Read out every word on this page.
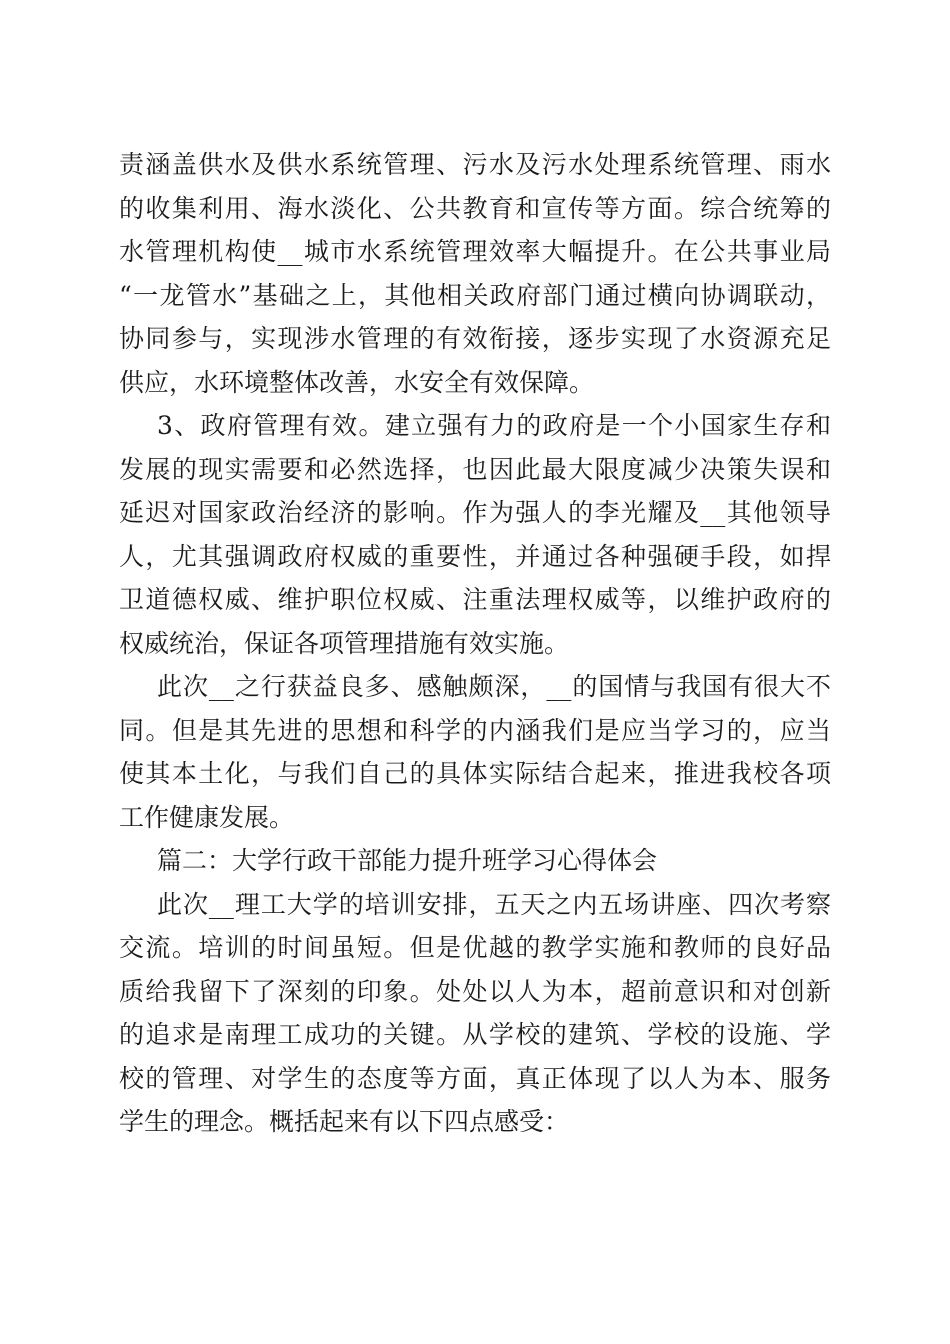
责涵盖供水及供水系统管理、污水及污水处理系统管理、雨水
的收集利用、海水淡化、公共教育和宣传等方面。综合统筹的
水管理机构使__城市水系统管理效率大幅提升。在公共事业局
“一龙管水”基础之上，其他相关政府部门通过横向协调联动，
协同参与，实现涉水管理的有效衔接，逐步实现了水资源充足
供应，水环境整体改善，水安全有效保障。
3、政府管理有效。建立强有力的政府是一个小国家生存和
发展的现实需要和必然选择，也因此最大限度减少决策失误和
延迟对国家政治经济的影响。作为强人的李光耀及__其他领导
人，尤其强调政府权威的重要性，并通过各种强硬手段，如捍
卫道德权威、维护职位权威、注重法理权威等，以维护政府的
权威统治，保证各项管理措施有效实施。
此次__之行获益良多、感触颇深，__的国情与我国有很大不
同。但是其先进的思想和科学的内涵我们是应当学习的，应当
使其本土化，与我们自己的具体实际结合起来，推进我校各项
工作健康发展。
篇二：大学行政干部能力提升班学习心得体会
此次__理工大学的培训安排，五天之内五场讲座、四次考察
交流。培训的时间虽短。但是优越的教学实施和教师的良好品
质给我留下了深刻的印象。处处以人为本，超前意识和对创新
的追求是南理工成功的关键。从学校的建筑、学校的设施、学
校的管理、对学生的态度等方面，真正体现了以人为本、服务
学生的理念。概括起来有以下四点感受：
